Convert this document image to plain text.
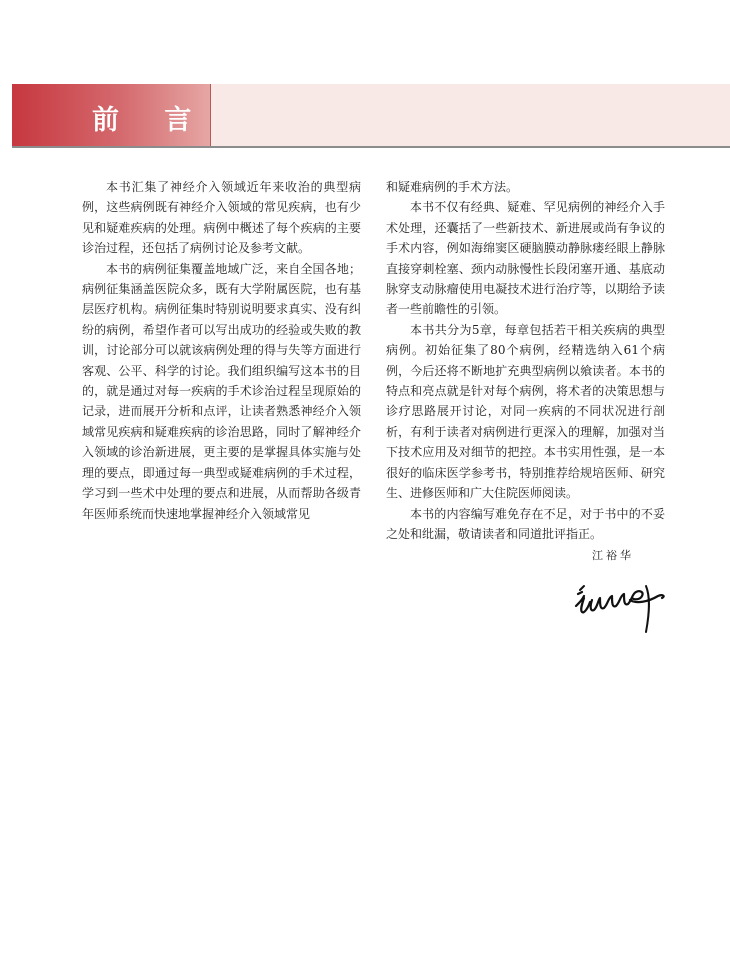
前 言

本书汇集了神经介入领域近年来收治的典型病例，这些病例既有神经介入领域的常见疾病，也有少见和疑难疾病的处理。病例中概述了每个疾病的主要诊治过程，还包括了病例讨论及参考文献。

本书的病例征集覆盖地域广泛，来自全国各地；病例征集涵盖医院众多，既有大学附属医院，也有基层医疗机构。病例征集时特别说明要求真实、没有纠纷的病例，希望作者可以写出成功的经验或失败的教训，讨论部分可以就该病例处理的得与失等方面进行客观、公平、科学的讨论。我们组织编写这本书的目的，就是通过对每一疾病的手术诊治过程呈现原始的记录，进而展开分析和点评，让读者熟悉神经介入领域常见疾病和疑难疾病的诊治思路，同时了解神经介入领域的诊治新进展，更主要的是掌握具体实施与处理的要点，即通过每一典型或疑难病例的手术过程，学习到一些术中处理的要点和进展，从而帮助各级青年医师系统而快速地掌握神经介入领域常见

和疑难病例的手术方法。

本书不仅有经典、疑难、罕见病例的神经介入手术处理，还囊括了一些新技术、新进展或尚有争议的手术内容，例如海绵窦区硬脑膜动静脉瘘经眼上静脉直接穿刺栓塞、颈内动脉慢性长段闭塞开通、基底动脉穿支动脉瘤使用电凝技术进行治疗等，以期给予读者一些前瞻性的引领。

本书共分为5章，每章包括若干相关疾病的典型病例。初始征集了80个病例，经精选纳入61个病例，今后还将不断地扩充典型病例以飨读者。本书的特点和亮点就是针对每个病例，将术者的决策思想与诊疗思路展开讨论，对同一疾病的不同状况进行剖析，有利于读者对病例进行更深入的理解，加强对当下技术应用及对细节的把控。本书实用性强，是一本很好的临床医学参考书，特别推荐给规培医师、研究生、进修医师和广大住院医师阅读。

本书的内容编写难免存在不足，对于书中的不妥之处和纰漏，敬请读者和同道批评指正。

江裕华
